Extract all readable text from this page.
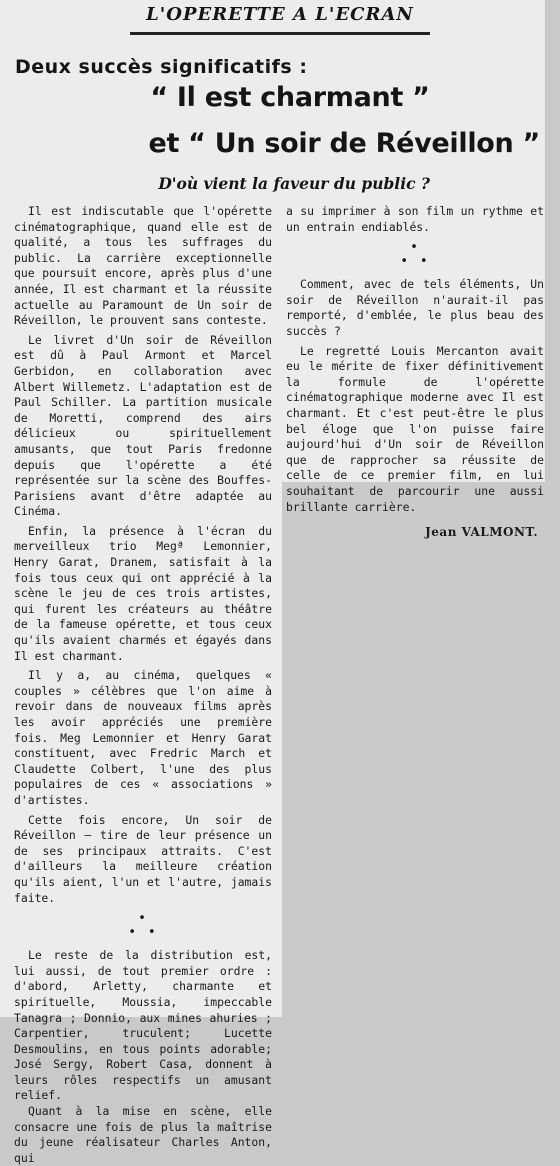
L'OPERETTE A L'ECRAN
Deux succès significatifs :
“ Il est charmant ”
et “ Un soir de Réveillon ”
D'où vient la faveur du public ?

Il est indiscutable que l'opérette cinématographique, quand elle est de qualité, a tous les suffrages du public. La carrière exceptionnelle que poursuit encore, après plus d'une année, Il est charmant et la réussite actuelle au Paramount de Un soir de Réveillon, le prouvent sans conteste.

Le livret d'Un soir de Réveillon est dû à Paul Armont et Marcel Gerbidon, en collaboration avec Albert Willemetz. L'adaptation est de Paul Schiller. La partition musicale de Moretti, comprend des airs délicieux ou spirituellement amusants, que tout Paris fredonne depuis que l'opérette a été représentée sur la scène des Bouffes-Parisiens avant d'être adaptée au Cinéma.

Enfin, la présence à l'écran du merveilleux trio Megª Lemonnier, Henry Garat, Dranem, satisfait à la fois tous ceux qui ont apprécié à la scène le jeu de ces trois artistes, qui furent les créateurs au théâtre de la fameuse opérette, et tous ceux qu'ils avaient charmés et égayés dans Il est charmant.

Il y a, au cinéma, quelques « couples » célèbres que l'on aime à revoir dans de nouveaux films après les avoir appréciés une première fois. Meg Lemonnier et Henry Garat constituent, avec Fredric March et Claudette Colbert, l'une des plus populaires de ces « associations » d'artistes.

Cette fois encore, Un soir de Réveillon — tire de leur présence un de ses principaux attraits. C'est d'ailleurs la meilleure création qu'ils aient, l'un et l'autre, jamais faite.

•
• •

Le reste de la distribution est, lui aussi, de tout premier ordre : d'abord, Arletty, charmante et spirituelle, Moussia, impeccable Tanagra ; Donnio, aux mines ahuries ; Carpentier, truculent; Lucette Desmoulins, en tous points adorable; José Sergy, Robert Casa, donnent à leurs rôles respectifs un amusant relief.

Quant à la mise en scène, elle consacre une fois de plus la maîtrise du jeune réalisateur Charles Anton, qui

a su imprimer à son film un rythme et un entrain endiablés.

•
• •

Comment, avec de tels éléments, Un soir de Réveillon n'aurait-il pas remporté, d'emblée, le plus beau des succès ?

Le regretté Louis Mercanton avait eu le mérite de fixer définitivement la formule de l'opérette cinématographique moderne avec Il est charmant. Et c'est peut-être le plus bel éloge que l'on puisse faire aujourd'hui d'Un soir de Réveillon que de rapprocher sa réussite de celle de ce premier film, en lui souhaitant de parcourir une aussi brillante carrière.

Jean VALMONT.
